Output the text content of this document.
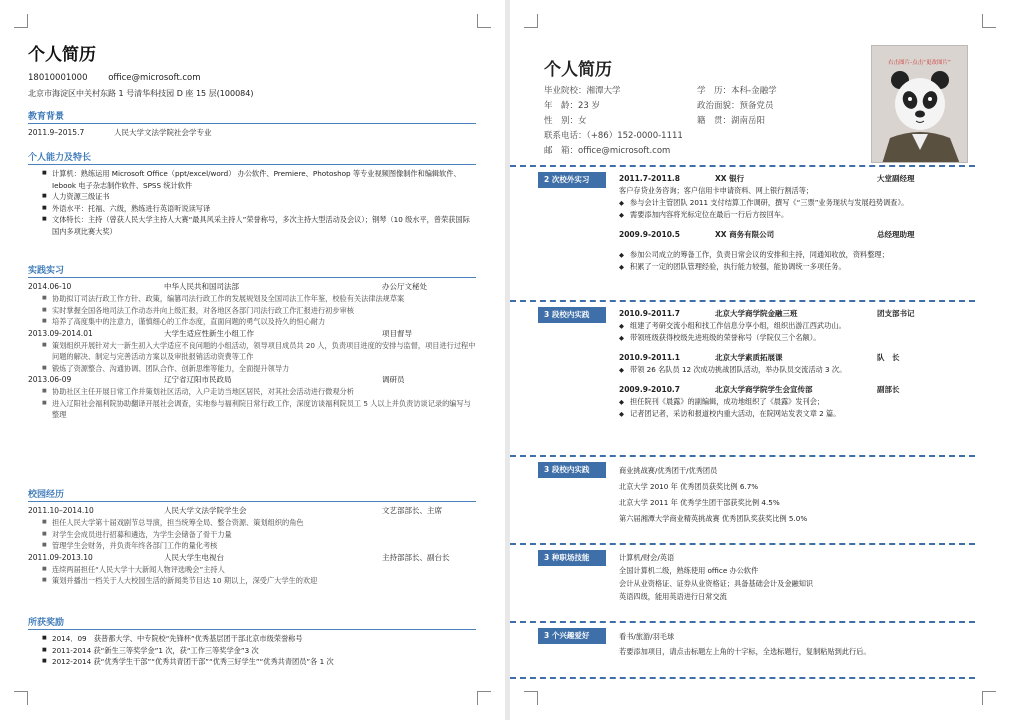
个人简历
18010001000 office@microsoft.com
北京市海淀区中关村东路 1 号清华科技园 D 座 15 层(100084)
教育背景
2011.9–2015.7	人民大学文法学院社会学专业
个人能力及特长
■ 计算机：熟练运用 Microsoft Office（ppt/excel/word） 办公软件、Premiere、Photoshop 等专业视频图像制作和编辑软件、Iebook 电子杂志制作软件、SPSS 统计软件
■ 人力资源三级证书
■ 外语水平：托福、六级，熟练进行英语听说读写译
■ 文体特长：主持（曾获人民大学主持人大赛“最具风采主持人”荣誉称号，多次主持大型活动及会议）；钢琴（10 级水平，曾荣获国际国内多项比赛大奖）
实践实习
2014.06-10	中华人民共和国司法部	办公厅文秘处
■ 协助拟订司法行政工作方针、政策，编篡司法行政工作的发展规划及全国司法工作年鉴，校验有关法律法规草案
■ 实时掌握全国各地司法工作动态并向上级汇报，对各地区各部门司法行政工作汇报进行初步审核
■ 培养了高度集中的注意力，谨慎细心的工作态度，直面问题的勇气以及持久的恒心耐力
2013.09-2014.01	大学生适应性新生小组工作	项目督导
■ 策划组织开展针对大一新生初入大学适应不良问题的小组活动，领导项目成员共 20 人，负责项目进度的安排与监督，项目进行过程中问题的解决、制定与完善活动方案以及审批报销活动资费等工作
■ 锻炼了资源整合、沟通协调、团队合作、创新思维等能力，全面提升领导力
2013.06-09	辽宁省辽阳市民政局	调研员
■ 协助社区主任开展日常工作并策划社区活动，入户走访当地区居民，对其社会活动进行微观分析
■ 进入辽阳社会福利院协助翻译开展社会调查，实地参与福利院日常行政工作，深度访谈福利院员工 5 人以上并负责访谈记录的编写与整理
校园经历
2011.10–2014.10	人民大学文法学院学生会	文艺部部长、主席
■ 担任人民大学第十届戏剧节总导演，担当统筹全局、整合资源、策划组织的角色
■ 对学生会成员进行招募和遴选，为学生会储备了骨干力量
■ 管理学生会财务，并负责年终各部门工作的量化考核
2011.09-2013.10	人民大学生电视台	主持部部长、副台长
■ 连续两届担任“人民大学十大新闻人物评选晚会”主持人
■ 策划并播出一档关于人大校园生活的新闻类节目达 10 期以上，深受广大学生的欢迎
所获奖励
■ 2014．09　获普都大学、中专院校“先锋杯”优秀基层团干部北京市级荣誉称号
■ 2011-2014 获“新生三等奖学金”1 次，获“工作三等奖学金”3 次
■ 2012-2014 获“优秀学生干部”“优秀共青团干部”“优秀三好学生”“优秀共青团员”各 1 次
个人简历
毕业院校：湘潭大学
年　龄：23 岁
性　别：女
联系电话：（+86）152-0000-1111
邮　箱：office@microsoft.com
学　历：本科-金融学
政治面貌：预备党员
籍　贯：湖南岳阳
右击图片-点击“更改图片”
2 次校外实习	2011.7-2011.8	XX 银行	大堂副经理
客户存贷业务咨询；客户信用卡申请资料、网上银行割活等；
◆ 参与会计主管团队 2011 支付结算工作调研，撰写《“三票”业务现状与发展趋势调查》。
◆ 需要添加内容将光标定位在最后一行后方按回车。
2009.9-2010.5	XX 商务有限公司	总经理助理
◆ 参加公司成立的筹备工作，负责日常会议的安排和主持，同通知收放，资料整理；
◆ 积累了一定的团队管理经验，执行能力较强，能协调统一多项任务。
3 段校内实践	2010.9-2011.7	北京大学商学院金融三班	团支部书记
◆ 组建了考研交流小组和找工作信息分享小组，组织出游江西武功山。
◆ 带领班级获得校级先进班级的荣誉称号（学院仅三个名额）。
2010.9-2011.1	北京大学素质拓展课	队　长
◆ 带领 26 名队员 12 次成功挑战团队活动，举办队员交流活动 3 次。
2009.9-2010.7	北京大学商学院学生会宣传部	副部长
◆ 担任院刊《晨露》的副编辑，成功地组织了《晨露》发刊会；
◆ 记者团记者，采访和报道校内重大活动，在院网站发表文章 2 篇。
3 段校内实践	商业挑战赛/优秀团干/优秀团员
北京大学 2010 年 优秀团员获奖比例 6.7%
北京大学 2011 年 优秀学生团干部获奖比例 4.5%
第六届湘潭大学商业精英挑战赛 优秀团队奖获奖比例 5.0%
3 种职场技能	计算机/财会/英语
全国计算机二级，熟练使用 office 办公软件
会计从业资格证、证券从业资格证；具备基础会计及金融知识
英语四级，能用英语进行日常交流
3 个兴趣爱好	看书/旅游/羽毛球
若要添加项目，请点击标题左上角的十字标，全选标题行，复制粘贴到此行后。
